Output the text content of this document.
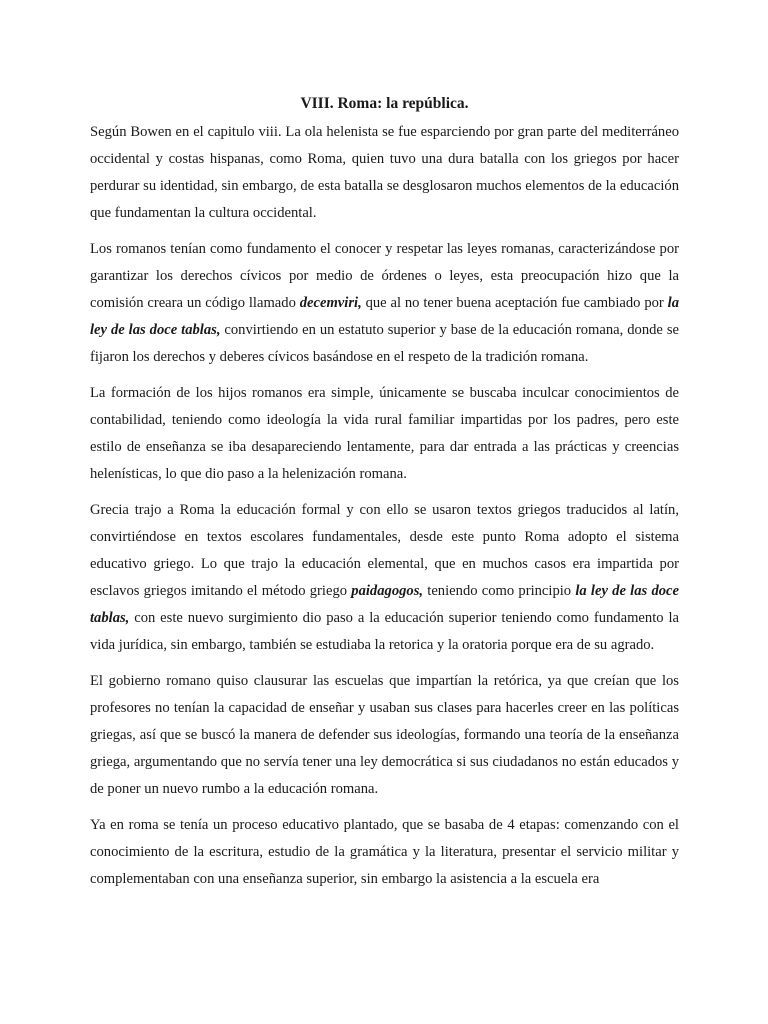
VIII. Roma: la república.

Según Bowen en el capitulo viii. La ola helenista se fue esparciendo por gran parte del mediterráneo occidental y costas hispanas, como Roma, quien tuvo una dura batalla con los griegos por hacer perdurar su identidad, sin embargo, de esta batalla se desglosaron muchos elementos de la educación que fundamentan la cultura occidental.

Los romanos tenían como fundamento el conocer y respetar las leyes romanas, caracterizándose por garantizar los derechos cívicos por medio de órdenes o leyes, esta preocupación hizo que la comisión creara un código llamado decemviri, que al no tener buena aceptación fue cambiado por la ley de las doce tablas, convirtiendo en un estatuto superior y base de la educación romana, donde se fijaron los derechos y deberes cívicos basándose en el respeto de la tradición romana.

La formación de los hijos romanos era simple, únicamente se buscaba inculcar conocimientos de contabilidad, teniendo como ideología la vida rural familiar impartidas por los padres, pero este estilo de enseñanza se iba desapareciendo lentamente, para dar entrada a las prácticas y creencias helenísticas, lo que dio paso a la helenización romana.

Grecia trajo a Roma la educación formal y con ello se usaron textos griegos traducidos al latín, convirtiéndose en textos escolares fundamentales, desde este punto Roma adopto el sistema educativo griego. Lo que trajo la educación elemental, que en muchos casos era impartida por esclavos griegos imitando el método griego paidagogos, teniendo como principio la ley de las doce tablas, con este nuevo surgimiento dio paso a la educación superior teniendo como fundamento la vida jurídica, sin embargo, también se estudiaba la retorica y la oratoria porque era de su agrado.

El gobierno romano quiso clausurar las escuelas que impartían la retórica, ya que creían que los profesores no tenían la capacidad de enseñar y usaban sus clases para hacerles creer en las políticas griegas, así que se buscó la manera de defender sus ideologías, formando una teoría de la enseñanza griega, argumentando que no servía tener una ley democrática si sus ciudadanos no están educados y de poner un nuevo rumbo a la educación romana.

Ya en roma se tenía un proceso educativo plantado, que se basaba de 4 etapas: comenzando con el conocimiento de la escritura, estudio de la gramática y la literatura, presentar el servicio militar y complementaban con una enseñanza superior, sin embargo la asistencia a la escuela era
